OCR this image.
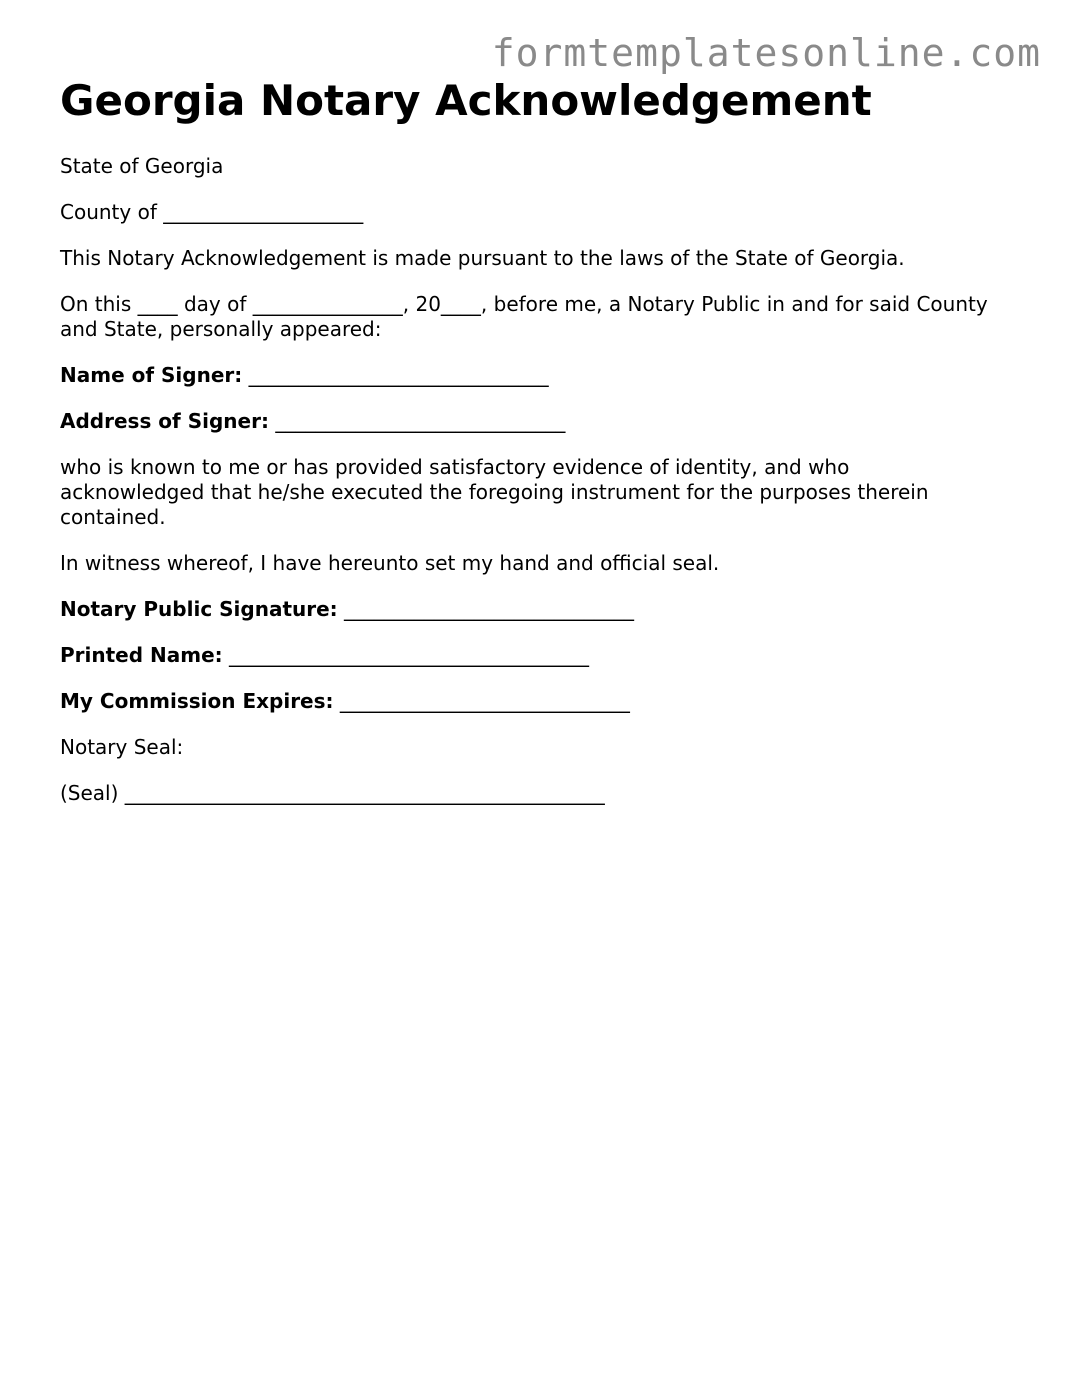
formtemplatesonline.com
Georgia Notary Acknowledgement

State of Georgia

County of ____________________

This Notary Acknowledgement is made pursuant to the laws of the State of Georgia.

On this ____ day of _______________, 20____, before me, a Notary Public in and for said County and State, personally appeared:

Name of Signer: ______________________________

Address of Signer: _____________________________

who is known to me or has provided satisfactory evidence of identity, and who acknowledged that he/she executed the foregoing instrument for the purposes therein contained.

In witness whereof, I have hereunto set my hand and official seal.

Notary Public Signature: _____________________________

Printed Name: ____________________________________

My Commission Expires: _____________________________

Notary Seal:

(Seal) ________________________________________________
